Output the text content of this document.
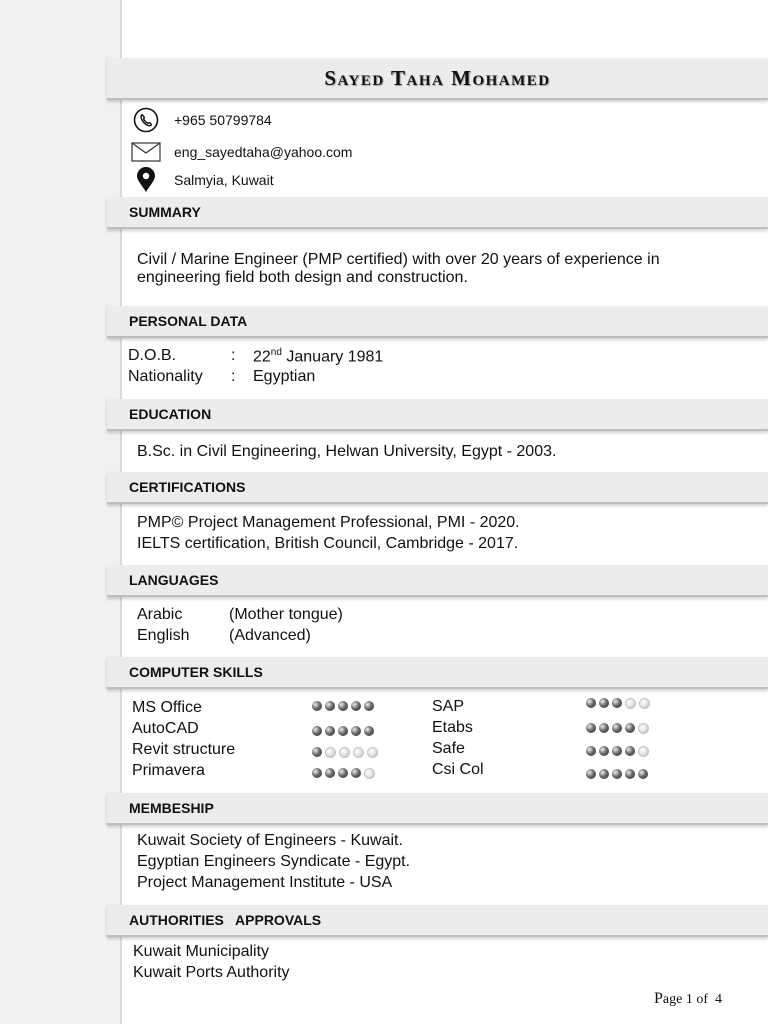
Sayed Taha Mohamed
+965 50799784
eng_sayedtaha@yahoo.com
Salmyia, Kuwait
SUMMARY
Civil / Marine Engineer (PMP certified) with over 20 years of experience in
engineering field both design and construction.
PERSONAL DATA
D.O.B.	: 22nd January 1981
Nationality : Egyptian
EDUCATION
B.Sc. in Civil Engineering, Helwan University, Egypt - 2003.
CERTIFICATIONS
PMP© Project Management Professional, PMI - 2020.
IELTS certification, British Council, Cambridge - 2017.
LANGUAGES
Arabic	(Mother tongue)
English (Advanced)
COMPUTER SKILLS
MS Office
AutoCAD
Revit structure
Primavera
SAP
Etabs
Safe
Csi Col
MEMBESHIP
Kuwait Society of Engineers - Kuwait.
Egyptian Engineers Syndicate - Egypt.
Project Management Institute - USA
AUTHORITIES   APPROVALS
Kuwait Municipality
Kuwait Ports Authority
Page 1 of 4
